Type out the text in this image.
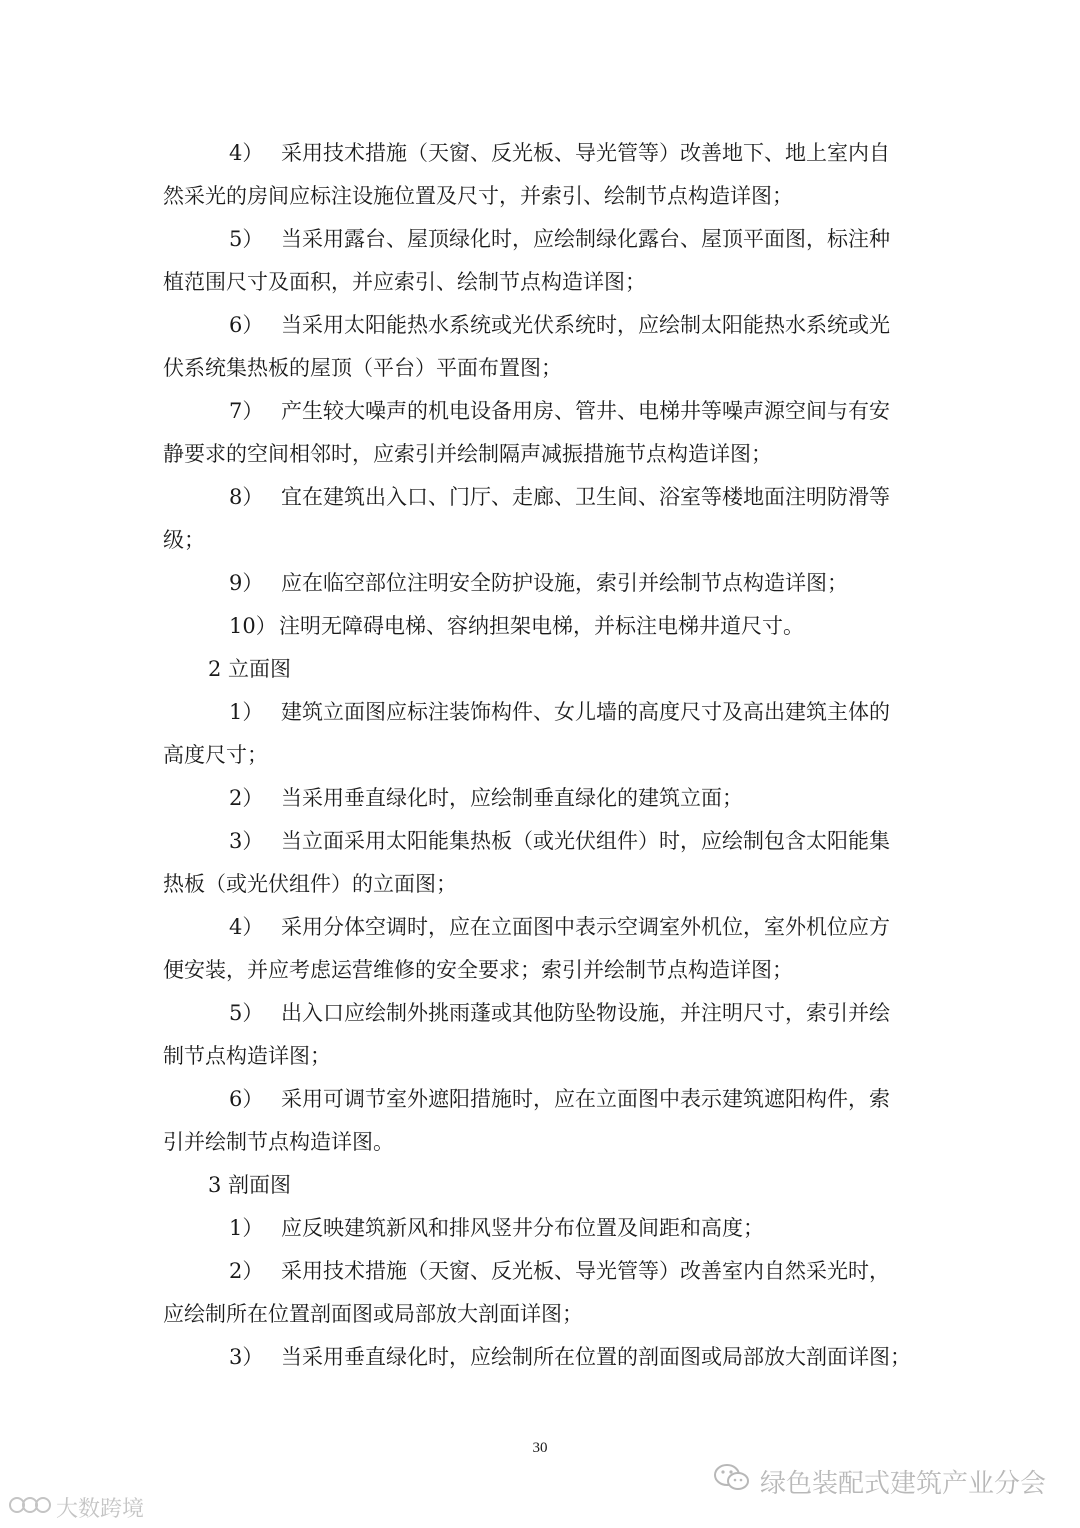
4） 采用技术措施（天窗、反光板、导光管等）改善地下、地上室内自
然采光的房间应标注设施位置及尺寸，并索引、绘制节点构造详图；
5） 当采用露台、屋顶绿化时，应绘制绿化露台、屋顶平面图，标注种
植范围尺寸及面积，并应索引、绘制节点构造详图；
6） 当采用太阳能热水系统或光伏系统时，应绘制太阳能热水系统或光
伏系统集热板的屋顶（平台）平面布置图；
7） 产生较大噪声的机电设备用房、管井、电梯井等噪声源空间与有安
静要求的空间相邻时，应索引并绘制隔声减振措施节点构造详图；
8） 宜在建筑出入口、门厅、走廊、卫生间、浴室等楼地面注明防滑等
级；
9） 应在临空部位注明安全防护设施，索引并绘制节点构造详图；
10） 注明无障碍电梯、容纳担架电梯，并标注电梯井道尺寸。
2 立面图
1） 建筑立面图应标注装饰构件、女儿墙的高度尺寸及高出建筑主体的
高度尺寸；
2） 当采用垂直绿化时，应绘制垂直绿化的建筑立面；
3） 当立面采用太阳能集热板（或光伏组件）时，应绘制包含太阳能集
热板（或光伏组件）的立面图；
4） 采用分体空调时，应在立面图中表示空调室外机位，室外机位应方
便安装，并应考虑运营维修的安全要求；索引并绘制节点构造详图；
5） 出入口应绘制外挑雨蓬或其他防坠物设施，并注明尺寸，索引并绘
制节点构造详图；
6） 采用可调节室外遮阳措施时，应在立面图中表示建筑遮阳构件，索
引并绘制节点构造详图。
3 剖面图
1） 应反映建筑新风和排风竖井分布位置及间距和高度；
2） 采用技术措施（天窗、反光板、导光管等）改善室内自然采光时，
应绘制所在位置剖面图或局部放大剖面详图；
3） 当采用垂直绿化时，应绘制所在位置的剖面图或局部放大剖面详图；
30
绿色装配式建筑产业分会
大数跨境
